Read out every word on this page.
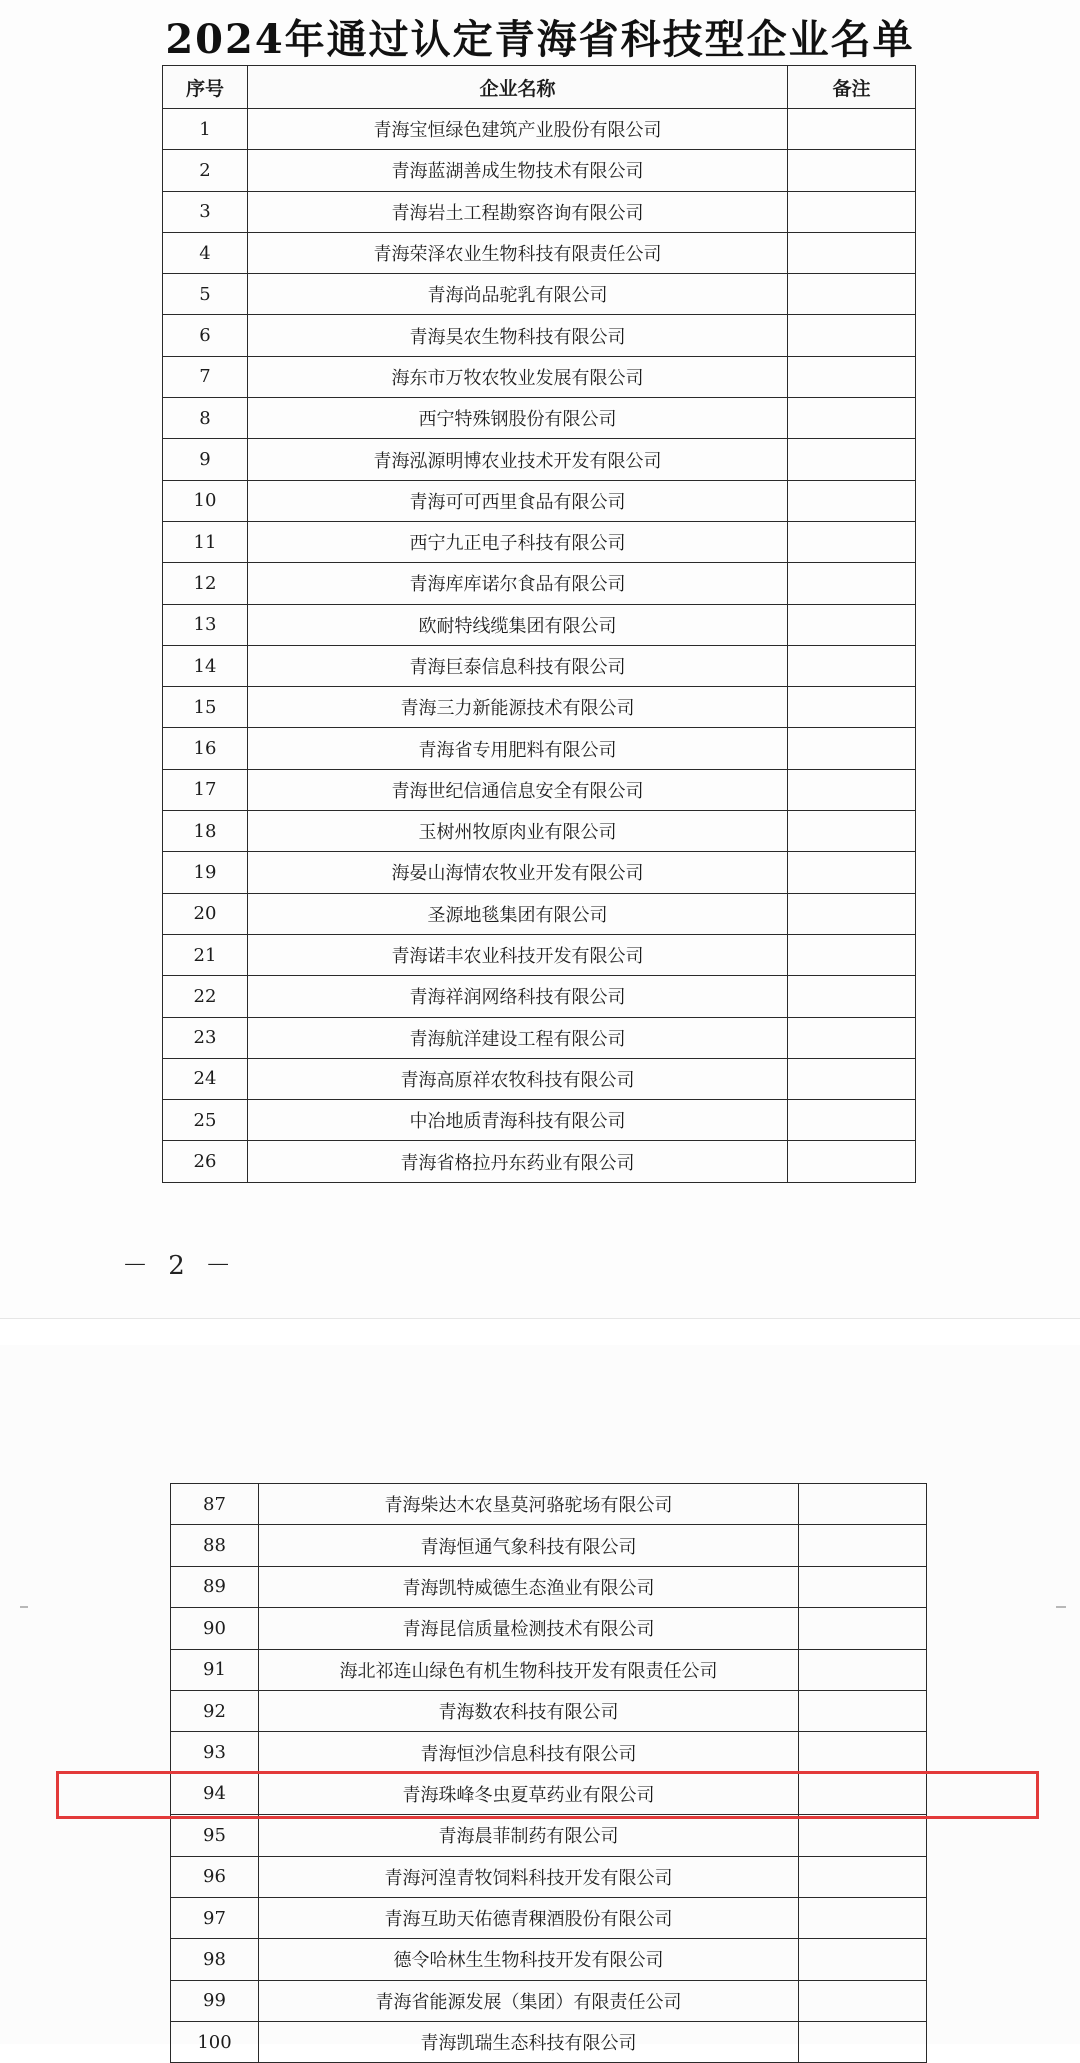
2024年通过认定青海省科技型企业名单
序号	企业名称	备注
1	青海宝恒绿色建筑产业股份有限公司	
2	青海蓝湖善成生物技术有限公司	
3	青海岩土工程勘察咨询有限公司	
4	青海荣泽农业生物科技有限责任公司	
5	青海尚品驼乳有限公司	
6	青海昊农生物科技有限公司	
7	海东市万牧农牧业发展有限公司	
8	西宁特殊钢股份有限公司	
9	青海泓源明博农业技术开发有限公司	
10	青海可可西里食品有限公司	
11	西宁九正电子科技有限公司	
12	青海库库诺尔食品有限公司	
13	欧耐特线缆集团有限公司	
14	青海巨泰信息科技有限公司	
15	青海三力新能源技术有限公司	
16	青海省专用肥料有限公司	
17	青海世纪信通信息安全有限公司	
18	玉树州牧原肉业有限公司	
19	海晏山海情农牧业开发有限公司	
20	圣源地毯集团有限公司	
21	青海诺丰农业科技开发有限公司	
22	青海祥润网络科技有限公司	
23	青海航洋建设工程有限公司	
24	青海高原祥农牧科技有限公司	
25	中冶地质青海科技有限公司	
26	青海省格拉丹东药业有限公司	
－ 2 －
87	青海柴达木农垦莫河骆驼场有限公司	
88	青海恒通气象科技有限公司	
89	青海凯特威德生态渔业有限公司	
90	青海昆信质量检测技术有限公司	
91	海北祁连山绿色有机生物科技开发有限责任公司	
92	青海数农科技有限公司	
93	青海恒沙信息科技有限公司	
94	青海珠峰冬虫夏草药业有限公司	
95	青海晨菲制药有限公司	
96	青海河湟青牧饲料科技开发有限公司	
97	青海互助天佑德青稞酒股份有限公司	
98	德令哈林生生物科技开发有限公司	
99	青海省能源发展（集团）有限责任公司	
100	青海凯瑞生态科技有限公司	
